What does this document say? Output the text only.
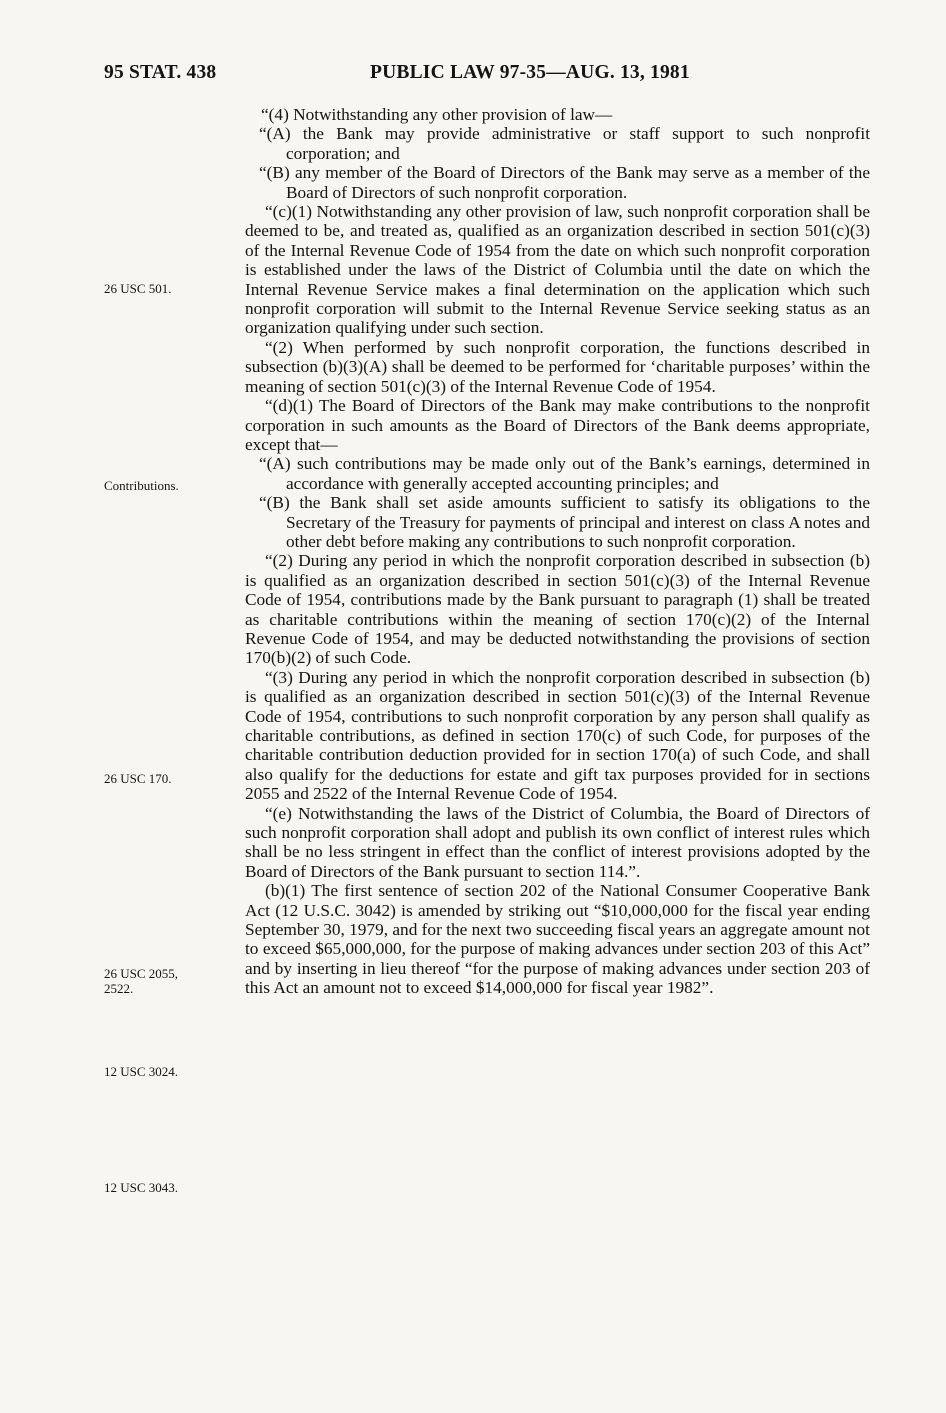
95 STAT. 438	PUBLIC LAW 97-35—AUG. 13, 1981
26 USC 501.
Contributions.
26 USC 170.
26 USC 2055,
2522.
12 USC 3024.
12 USC 3043.

“(4) Notwithstanding any other provision of law—

“(A) the Bank may provide administrative or staff support to such nonprofit corporation; and

“(B) any member of the Board of Directors of the Bank may serve as a member of the Board of Directors of such nonprofit corporation.

“(c)(1) Notwithstanding any other provision of law, such nonprofit corporation shall be deemed to be, and treated as, qualified as an organization described in section 501(c)(3) of the Internal Revenue Code of 1954 from the date on which such nonprofit corporation is established under the laws of the District of Columbia until the date on which the Internal Revenue Service makes a final determination on the application which such nonprofit corporation will submit to the Internal Revenue Service seeking status as an organization qualifying under such section.

“(2) When performed by such nonprofit corporation, the functions described in subsection (b)(3)(A) shall be deemed to be performed for ‘charitable purposes’ within the meaning of section 501(c)(3) of the Internal Revenue Code of 1954.

“(d)(1) The Board of Directors of the Bank may make contributions to the nonprofit corporation in such amounts as the Board of Directors of the Bank deems appropriate, except that—

“(A) such contributions may be made only out of the Bank’s earnings, determined in accordance with generally accepted accounting principles; and

“(B) the Bank shall set aside amounts sufficient to satisfy its obligations to the Secretary of the Treasury for payments of principal and interest on class A notes and other debt before making any contributions to such nonprofit corporation.

“(2) During any period in which the nonprofit corporation described in subsection (b) is qualified as an organization described in section 501(c)(3) of the Internal Revenue Code of 1954, contributions made by the Bank pursuant to paragraph (1) shall be treated as charitable contributions within the meaning of section 170(c)(2) of the Internal Revenue Code of 1954, and may be deducted notwithstanding the provisions of section 170(b)(2) of such Code.

“(3) During any period in which the nonprofit corporation described in subsection (b) is qualified as an organization described in section 501(c)(3) of the Internal Revenue Code of 1954, contributions to such nonprofit corporation by any person shall qualify as charitable contributions, as defined in section 170(c) of such Code, for purposes of the charitable contribution deduction provided for in section 170(a) of such Code, and shall also qualify for the deductions for estate and gift tax purposes provided for in sections 2055 and 2522 of the Internal Revenue Code of 1954.

“(e) Notwithstanding the laws of the District of Columbia, the Board of Directors of such nonprofit corporation shall adopt and publish its own conflict of interest rules which shall be no less stringent in effect than the conflict of interest provisions adopted by the Board of Directors of the Bank pursuant to section 114.”.

(b)(1) The first sentence of section 202 of the National Consumer Cooperative Bank Act (12 U.S.C. 3042) is amended by striking out “$10,000,000 for the fiscal year ending September 30, 1979, and for the next two succeeding fiscal years an aggregate amount not to exceed $65,000,000, for the purpose of making advances under section 203 of this Act” and by inserting in lieu thereof “for the purpose of making advances under section 203 of this Act an amount not to exceed $14,000,000 for fiscal year 1982”.
